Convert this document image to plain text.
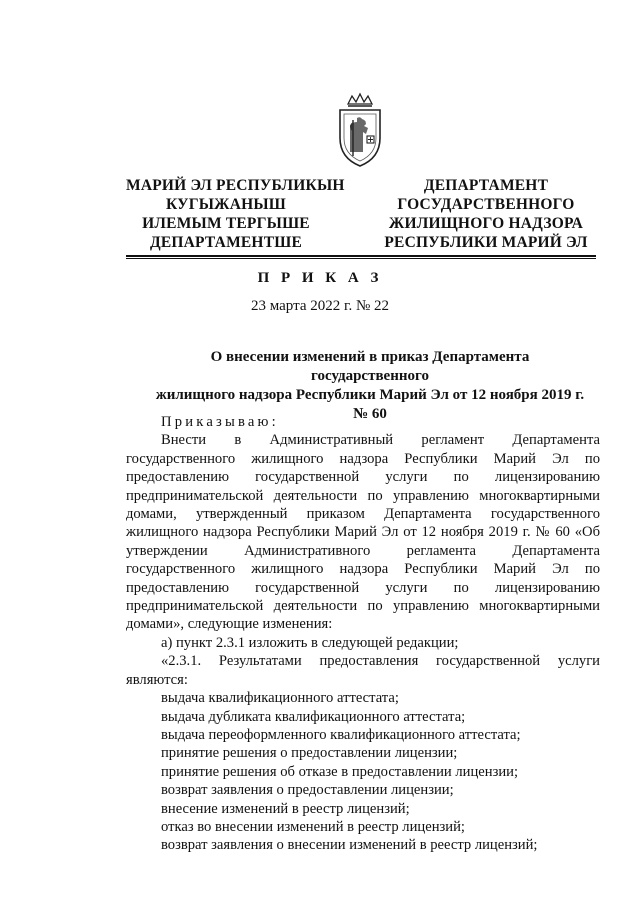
МАРИЙ ЭЛ РЕСПУБЛИКЫН
КУГЫЖАНЫШ
ИЛЕМЫМ ТЕРГЫШЕ
ДЕПАРТАМЕНТШЕ
ДЕПАРТАМЕНТ
ГОСУДАРСТВЕННОГО
ЖИЛИЩНОГО НАДЗОРА
РЕСПУБЛИКИ МАРИЙ ЭЛ
П Р И К А З
23 марта 2022 г. № 22
О внесении изменений в приказ Департамента государственного
жилищного надзора Республики Марий Эл от 12 ноября 2019 г. № 60

Приказываю:

Внести в Административный регламент Департамента государственного жилищного надзора Республики Марий Эл по предоставлению государственной услуги по лицензированию предпринимательской деятельности по управлению многоквартирными домами, утвержденный приказом Департамента государственного жилищного надзора Республики Марий Эл от 12 ноября 2019 г. № 60 «Об утверждении Административного регламента Департамента государственного жилищного надзора Республики Марий Эл по предоставлению государственной услуги по лицензированию предпринимательской деятельности по управлению многоквартирными домами», следующие изменения:

а) пункт 2.3.1 изложить в следующей редакции;

«2.3.1. Результатами предоставления государственной услуги являются:

выдача квалификационного аттестата;

выдача дубликата квалификационного аттестата;

выдача переоформленного квалификационного аттестата;

принятие решения о предоставлении лицензии;

принятие решения об отказе в предоставлении лицензии;

возврат заявления о предоставлении лицензии;

внесение изменений в реестр лицензий;

отказ во внесении изменений в реестр лицензий;

возврат заявления о внесении изменений в реестр лицензий;
